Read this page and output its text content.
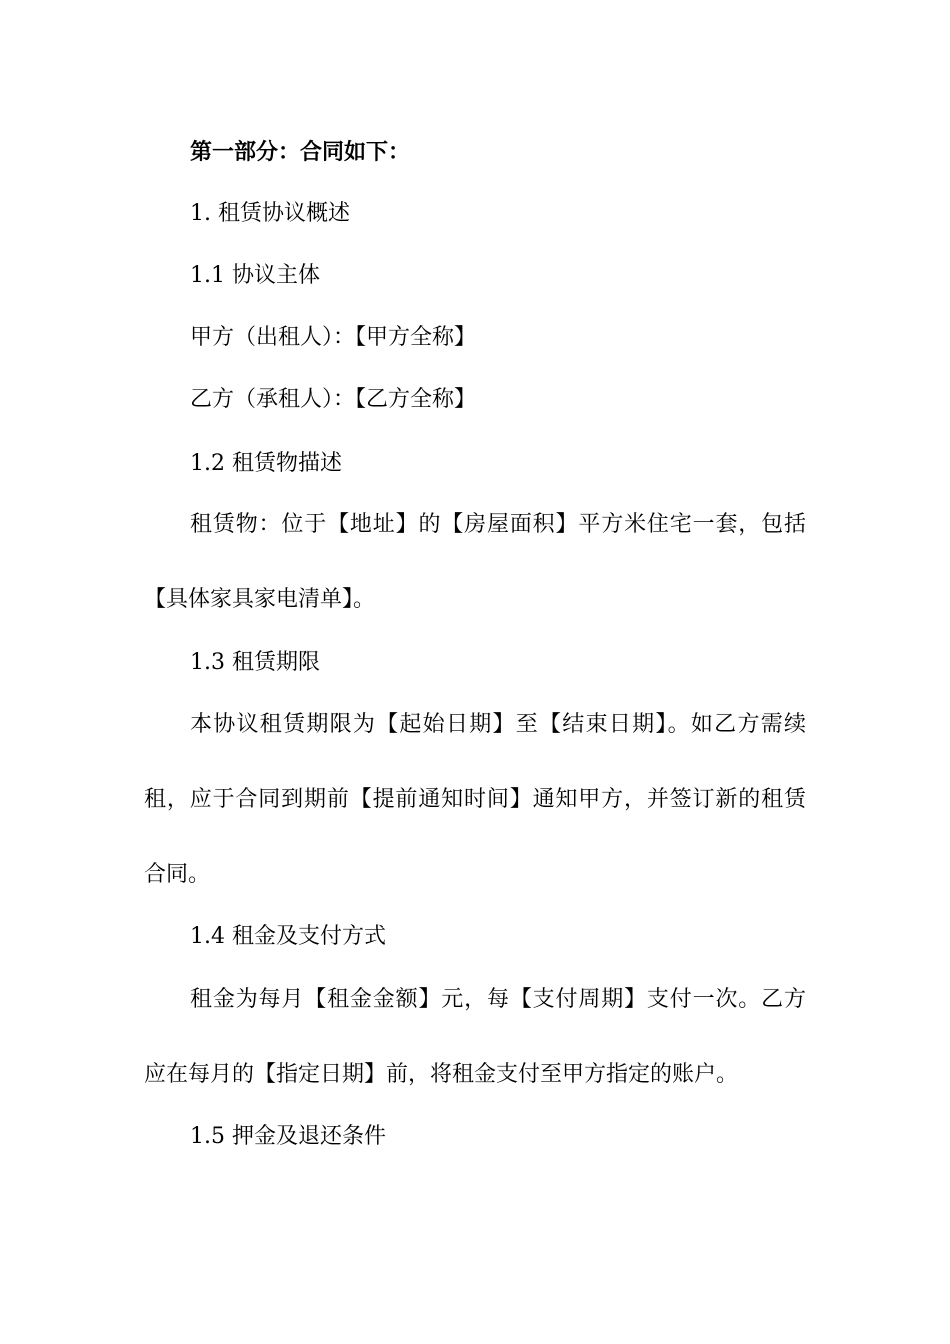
第一部分：合同如下：
1. 租赁协议概述
1.1 协议主体
甲方（出租人）：【甲方全称】
乙方（承租人）：【乙方全称】
1.2 租赁物描述
租赁物：位于【地址】的【房屋面积】平方米住宅一套，包括
【具体家具家电清单】。
1.3 租赁期限
本协议租赁期限为【起始日期】至【结束日期】。如乙方需续
租，应于合同到期前【提前通知时间】通知甲方，并签订新的租赁
合同。
1.4 租金及支付方式
租金为每月【租金金额】元，每【支付周期】支付一次。乙方
应在每月的【指定日期】前，将租金支付至甲方指定的账户。
1.5 押金及退还条件
